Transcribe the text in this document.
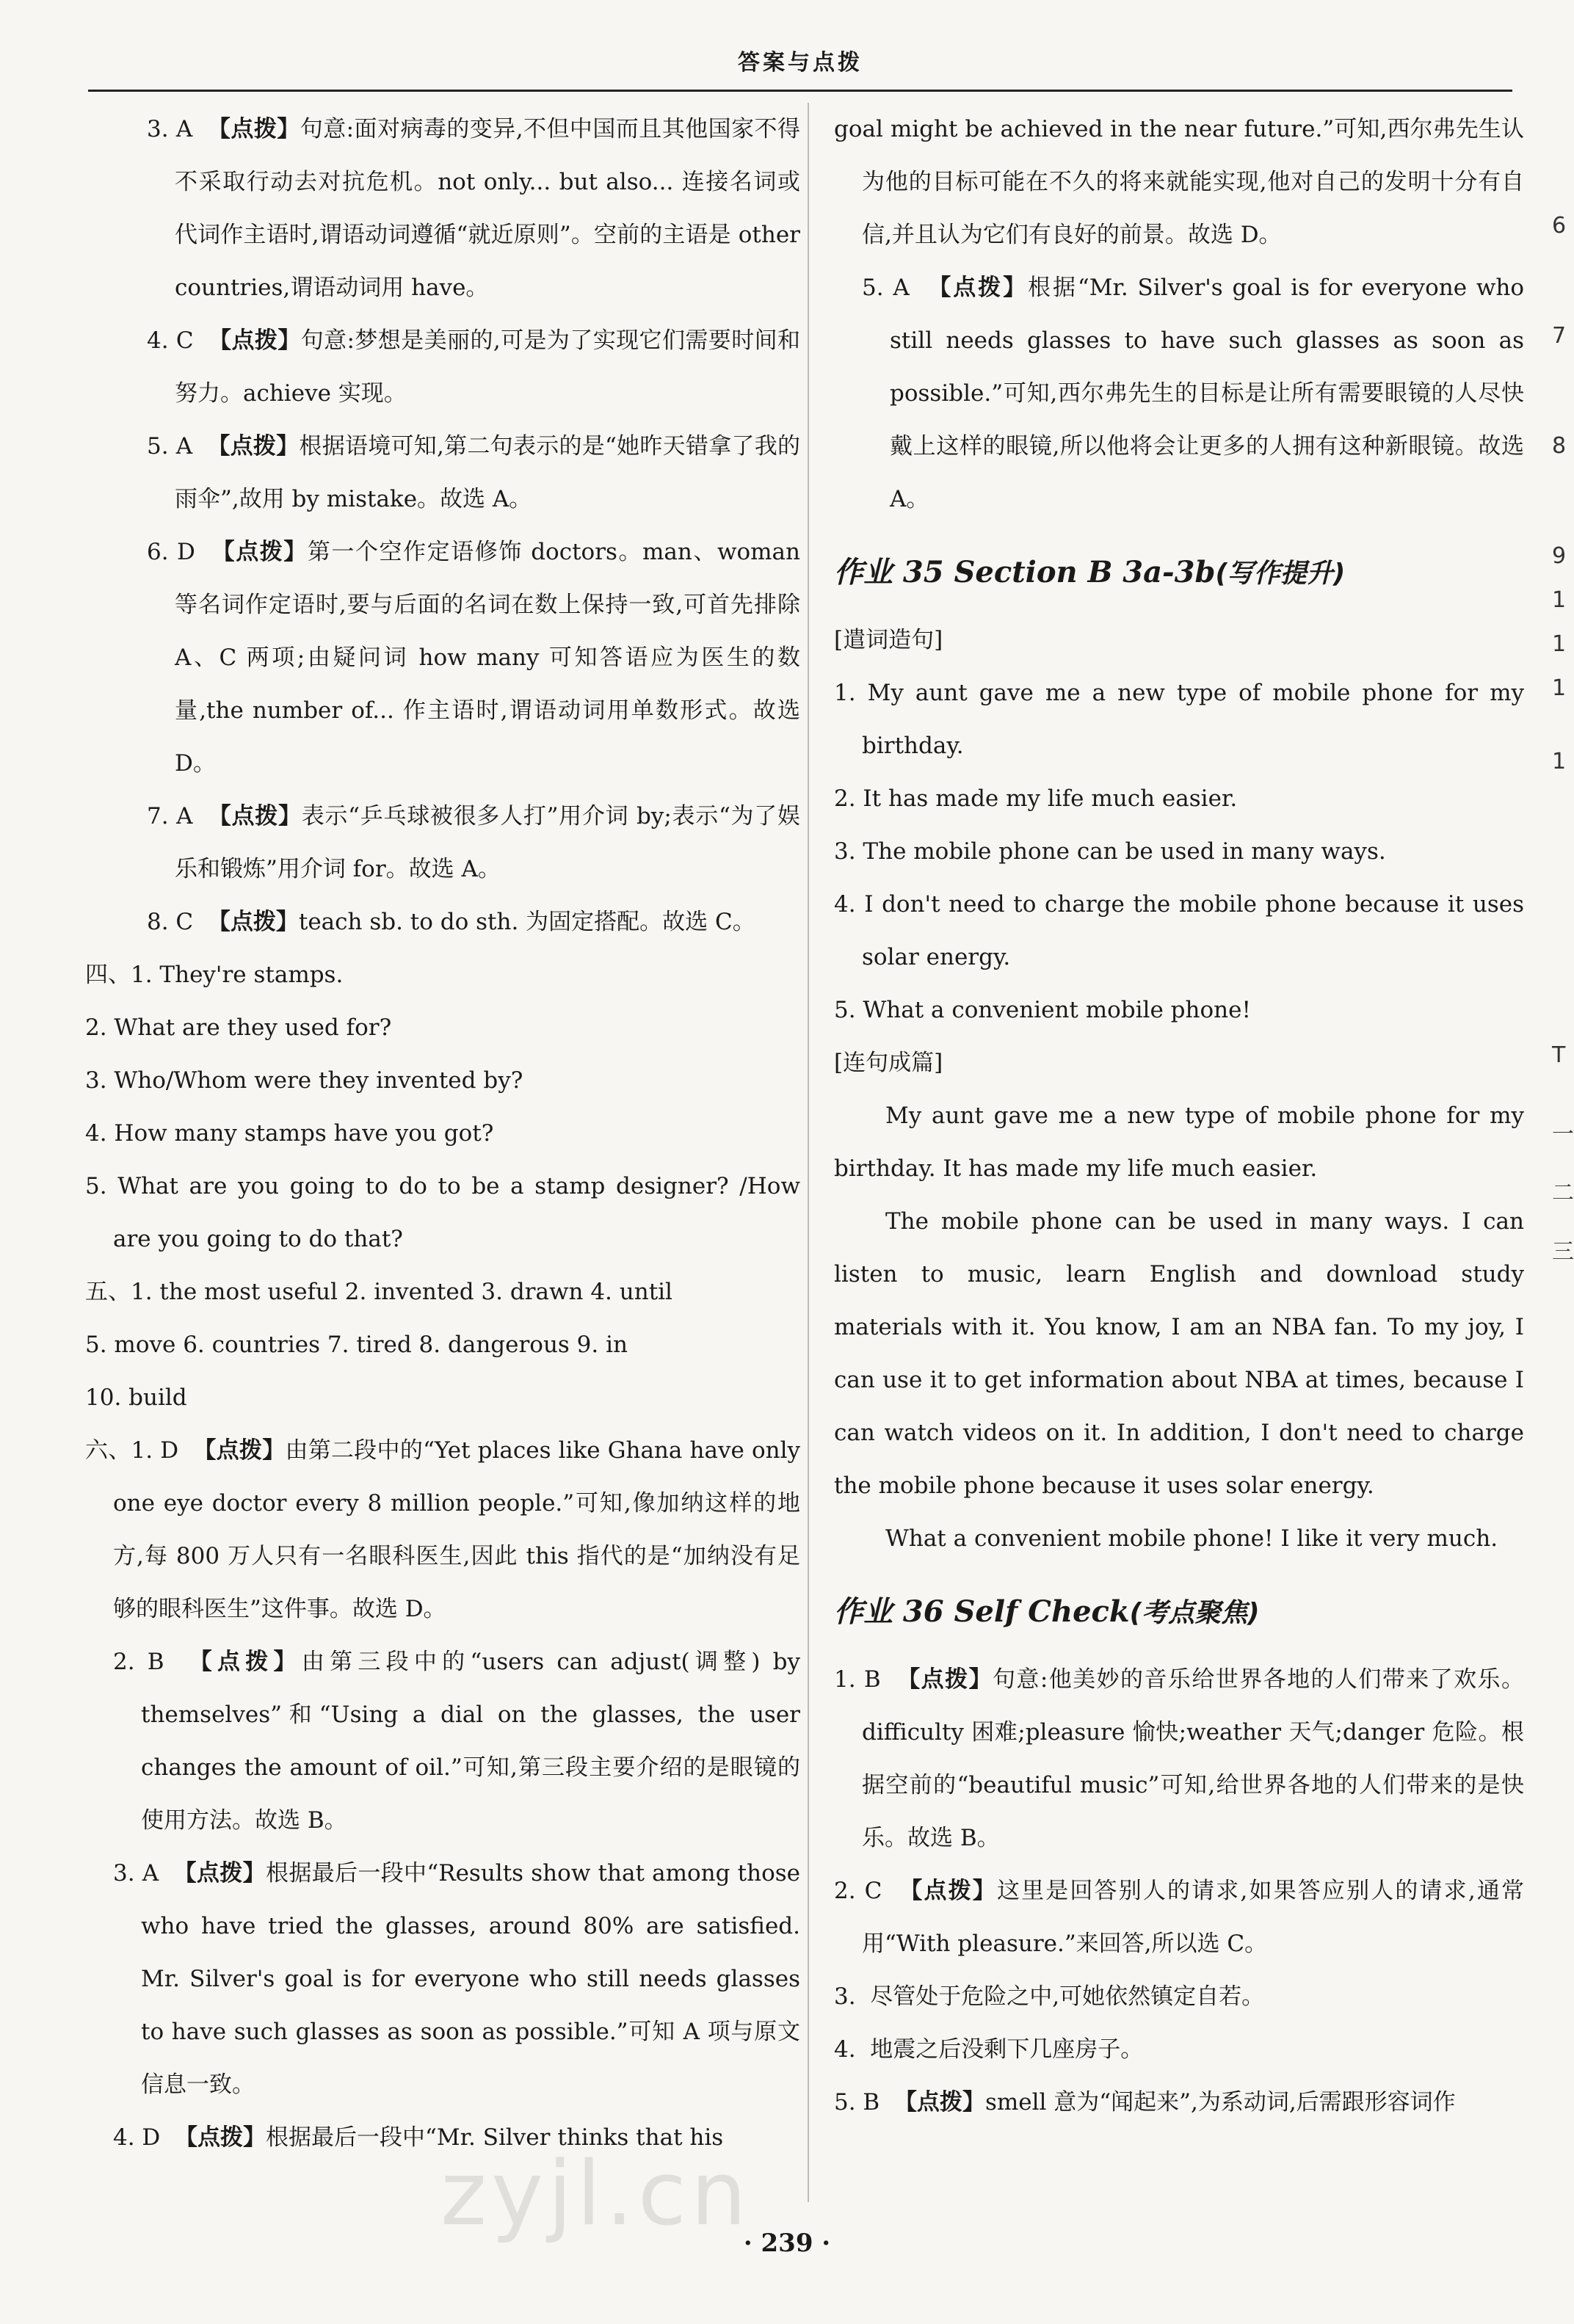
答案与点拨

3. A 【点拨】句意:面对病毒的变异,不但中国而且其他国家不得不采取行动去对抗危机。not only... but also... 连接名词或代词作主语时,谓语动词遵循“就近原则”。空前的主语是 other countries,谓语动词用 have。

4. C 【点拨】句意:梦想是美丽的,可是为了实现它们需要时间和努力。achieve 实现。

5. A 【点拨】根据语境可知,第二句表示的是“她昨天错拿了我的雨伞”,故用 by mistake。故选 A。

6. D 【点拨】第一个空作定语修饰 doctors。man、woman 等名词作定语时,要与后面的名词在数上保持一致,可首先排除 A、C 两项;由疑问词 how many 可知答语应为医生的数量,the number of... 作主语时,谓语动词用单数形式。故选 D。

7. A 【点拨】表示“乒乓球被很多人打”用介词 by;表示“为了娱乐和锻炼”用介词 for。故选 A。

8. C 【点拨】teach sb. to do sth. 为固定搭配。故选 C。

四、1. They're stamps.

2. What are they used for?

3. Who/Whom were they invented by?

4. How many stamps have you got?

5. What are you going to do to be a stamp designer? /How are you going to do that?

五、1. the most useful 2. invented 3. drawn 4. until

5. move 6. countries 7. tired 8. dangerous 9. in

10. build

六、1. D 【点拨】由第二段中的“Yet places like Ghana have only one eye doctor every 8 million people.”可知,像加纳这样的地方,每 800 万人只有一名眼科医生,因此 this 指代的是“加纳没有足够的眼科医生”这件事。故选 D。

2. B 【点拨】由第三段中的“users can adjust(调整) by themselves”和“Using a dial on the glasses, the user changes the amount of oil.”可知,第三段主要介绍的是眼镜的使用方法。故选 B。

3. A 【点拨】根据最后一段中“Results show that among those who have tried the glasses, around 80% are satisfied. Mr. Silver's goal is for everyone who still needs glasses to have such glasses as soon as possible.”可知 A 项与原文信息一致。

4. D 【点拨】根据最后一段中“Mr. Silver thinks that his

goal might be achieved in the near future.”可知,西尔弗先生认为他的目标可能在不久的将来就能实现,他对自己的发明十分有自信,并且认为它们有良好的前景。故选 D。

5. A 【点拨】根据“Mr. Silver's goal is for everyone who still needs glasses to have such glasses as soon as possible.”可知,西尔弗先生的目标是让所有需要眼镜的人尽快戴上这样的眼镜,所以他将会让更多的人拥有这种新眼镜。故选 A。

作业 35 Section B 3a-3b(写作提升)

[遣词造句]

1. My aunt gave me a new type of mobile phone for my birthday.

2. It has made my life much easier.

3. The mobile phone can be used in many ways.

4. I don't need to charge the mobile phone because it uses solar energy.

5. What a convenient mobile phone!

[连句成篇]

My aunt gave me a new type of mobile phone for my birthday. It has made my life much easier.

The mobile phone can be used in many ways. I can listen to music, learn English and download study materials with it. You know, I am an NBA fan. To my joy, I can use it to get information about NBA at times, because I can watch videos on it. In addition, I don't need to charge the mobile phone because it uses solar energy.

What a convenient mobile phone! I like it very much.

作业 36 Self Check(考点聚焦)

1. B 【点拨】句意:他美妙的音乐给世界各地的人们带来了欢乐。difficulty 困难;pleasure 愉快;weather 天气;danger 危险。根据空前的“beautiful music”可知,给世界各地的人们带来的是快乐。故选 B。

2. C 【点拨】这里是回答别人的请求,如果答应别人的请求,通常用“With pleasure.”来回答,所以选 C。

3. 尽管处于危险之中,可她依然镇定自若。

4. 地震之后没剩下几座房子。

5. B 【点拨】smell 意为“闻起来”,为系动词,后需跟形容词作

zyjl.cn
· 239 ·
6
7
8
9
1
1
1
1
T
一
二
三
